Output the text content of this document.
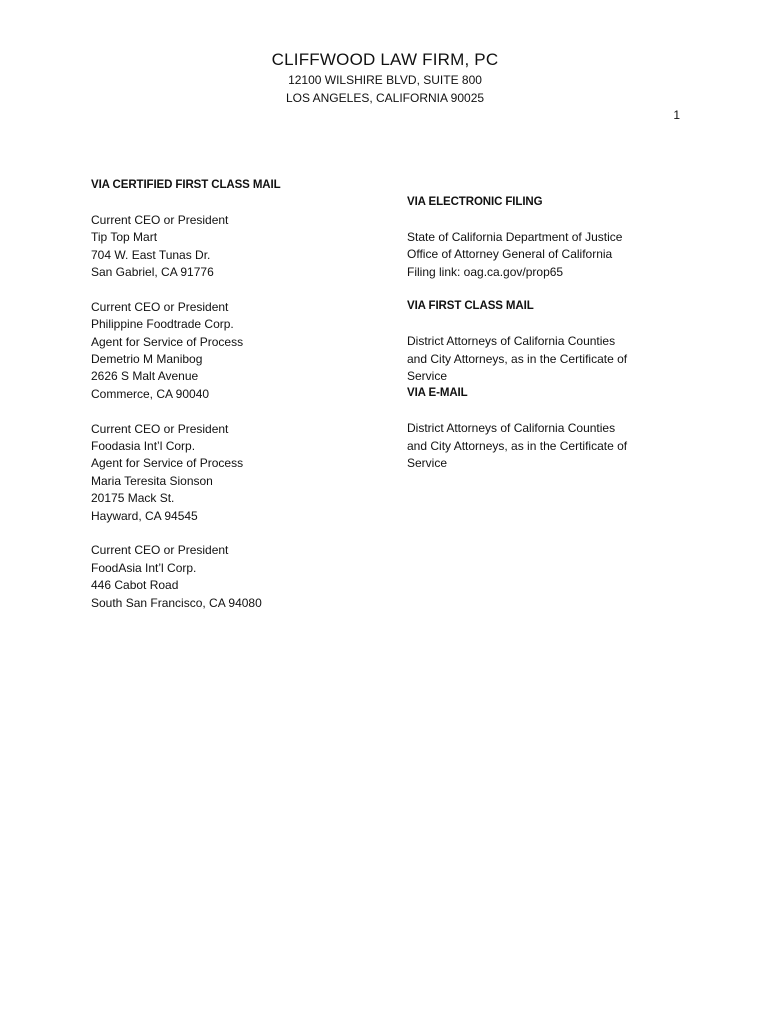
CLIFFWOOD LAW FIRM, PC
12100 WILSHIRE BLVD, SUITE 800
LOS ANGELES, CALIFORNIA 90025
1
VIA CERTIFIED FIRST CLASS MAIL
Current CEO or President
Tip Top Mart
704 W. East Tunas Dr.
San Gabriel, CA 91776
Current CEO or President
Philippine Foodtrade Corp.
Agent for Service of Process
Demetrio M Manibog
2626 S Malt Avenue
Commerce, CA 90040
Current CEO or President
Foodasia Int’l Corp.
Agent for Service of Process
Maria Teresita Sionson
20175 Mack St.
Hayward, CA 94545
Current CEO or President
FoodAsia Int’l Corp.
446 Cabot Road
South San Francisco, CA 94080
VIA ELECTRONIC FILING
State of California Department of Justice
Office of Attorney General of California
Filing link: oag.ca.gov/prop65
VIA FIRST CLASS MAIL
District Attorneys of California Counties
and City Attorneys, as in the Certificate of
Service
VIA E-MAIL
District Attorneys of California Counties
and City Attorneys, as in the Certificate of
Service
